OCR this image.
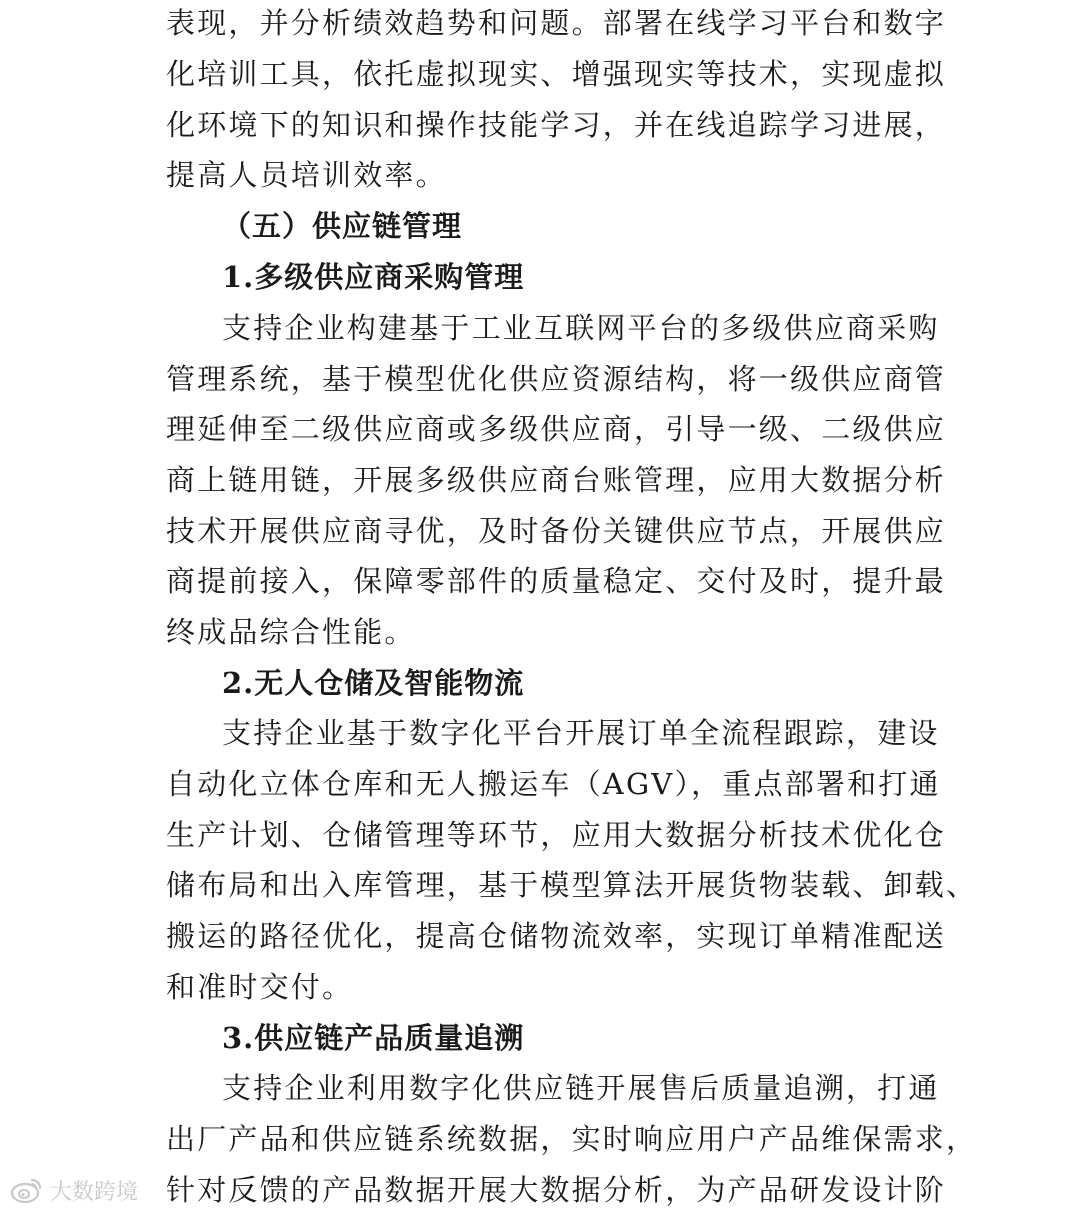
表现，并分析绩效趋势和问题。部署在线学习平台和数字
化培训工具，依托虚拟现实、增强现实等技术，实现虚拟
化环境下的知识和操作技能学习，并在线追踪学习进展，
提高人员培训效率。
（五）供应链管理
1.多级供应商采购管理
支持企业构建基于工业互联网平台的多级供应商采购
管理系统，基于模型优化供应资源结构，将一级供应商管
理延伸至二级供应商或多级供应商，引导一级、二级供应
商上链用链，开展多级供应商台账管理，应用大数据分析
技术开展供应商寻优，及时备份关键供应节点，开展供应
商提前接入，保障零部件的质量稳定、交付及时，提升最
终成品综合性能。
2.无人仓储及智能物流
支持企业基于数字化平台开展订单全流程跟踪，建设
自动化立体仓库和无人搬运车（AGV），重点部署和打通
生产计划、仓储管理等环节，应用大数据分析技术优化仓
储布局和出入库管理，基于模型算法开展货物装载、卸载、
搬运的路径优化，提高仓储物流效率，实现订单精准配送
和准时交付。
3.供应链产品质量追溯
支持企业利用数字化供应链开展售后质量追溯，打通
出厂产品和供应链系统数据，实时响应用户产品维保需求，
针对反馈的产品数据开展大数据分析，为产品研发设计阶
大数跨境
